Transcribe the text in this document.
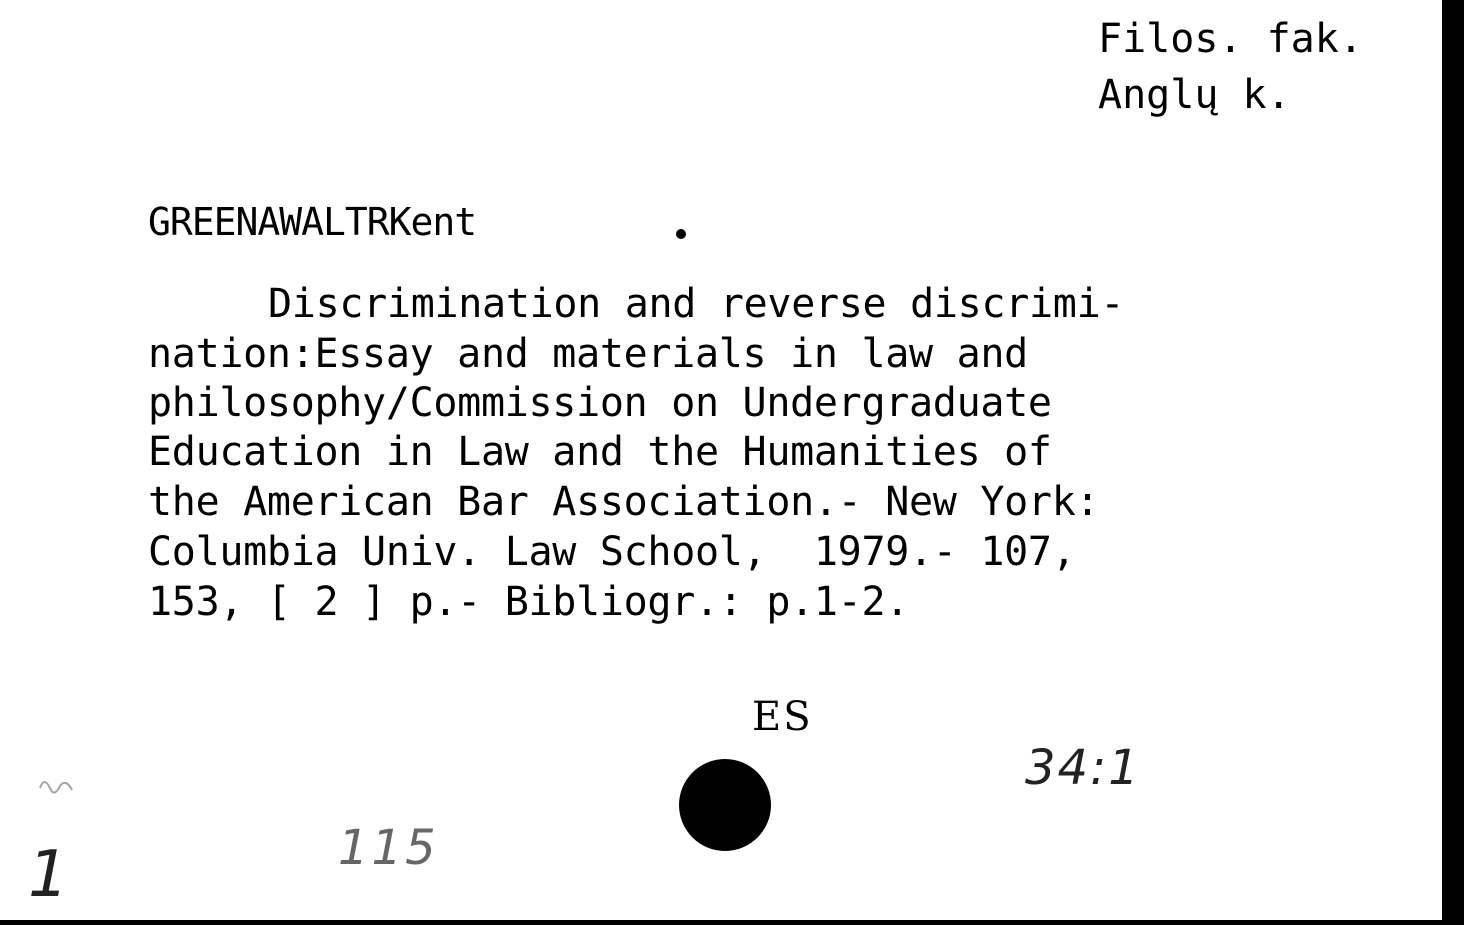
Filos. fak.
Anglų k.
GREENAWALTRKent
Discrimination and reverse discrimi-
nation:Essay and materials in law and
philosophy/Commission on Undergraduate
Education in Law and the Humanities of
the American Bar Association.- New York:
Columbia Univ. Law School,  1979.- 107,
153, [ 2 ] p.- Bibliogr.: p.1-2.
ES
34:1
115
1
